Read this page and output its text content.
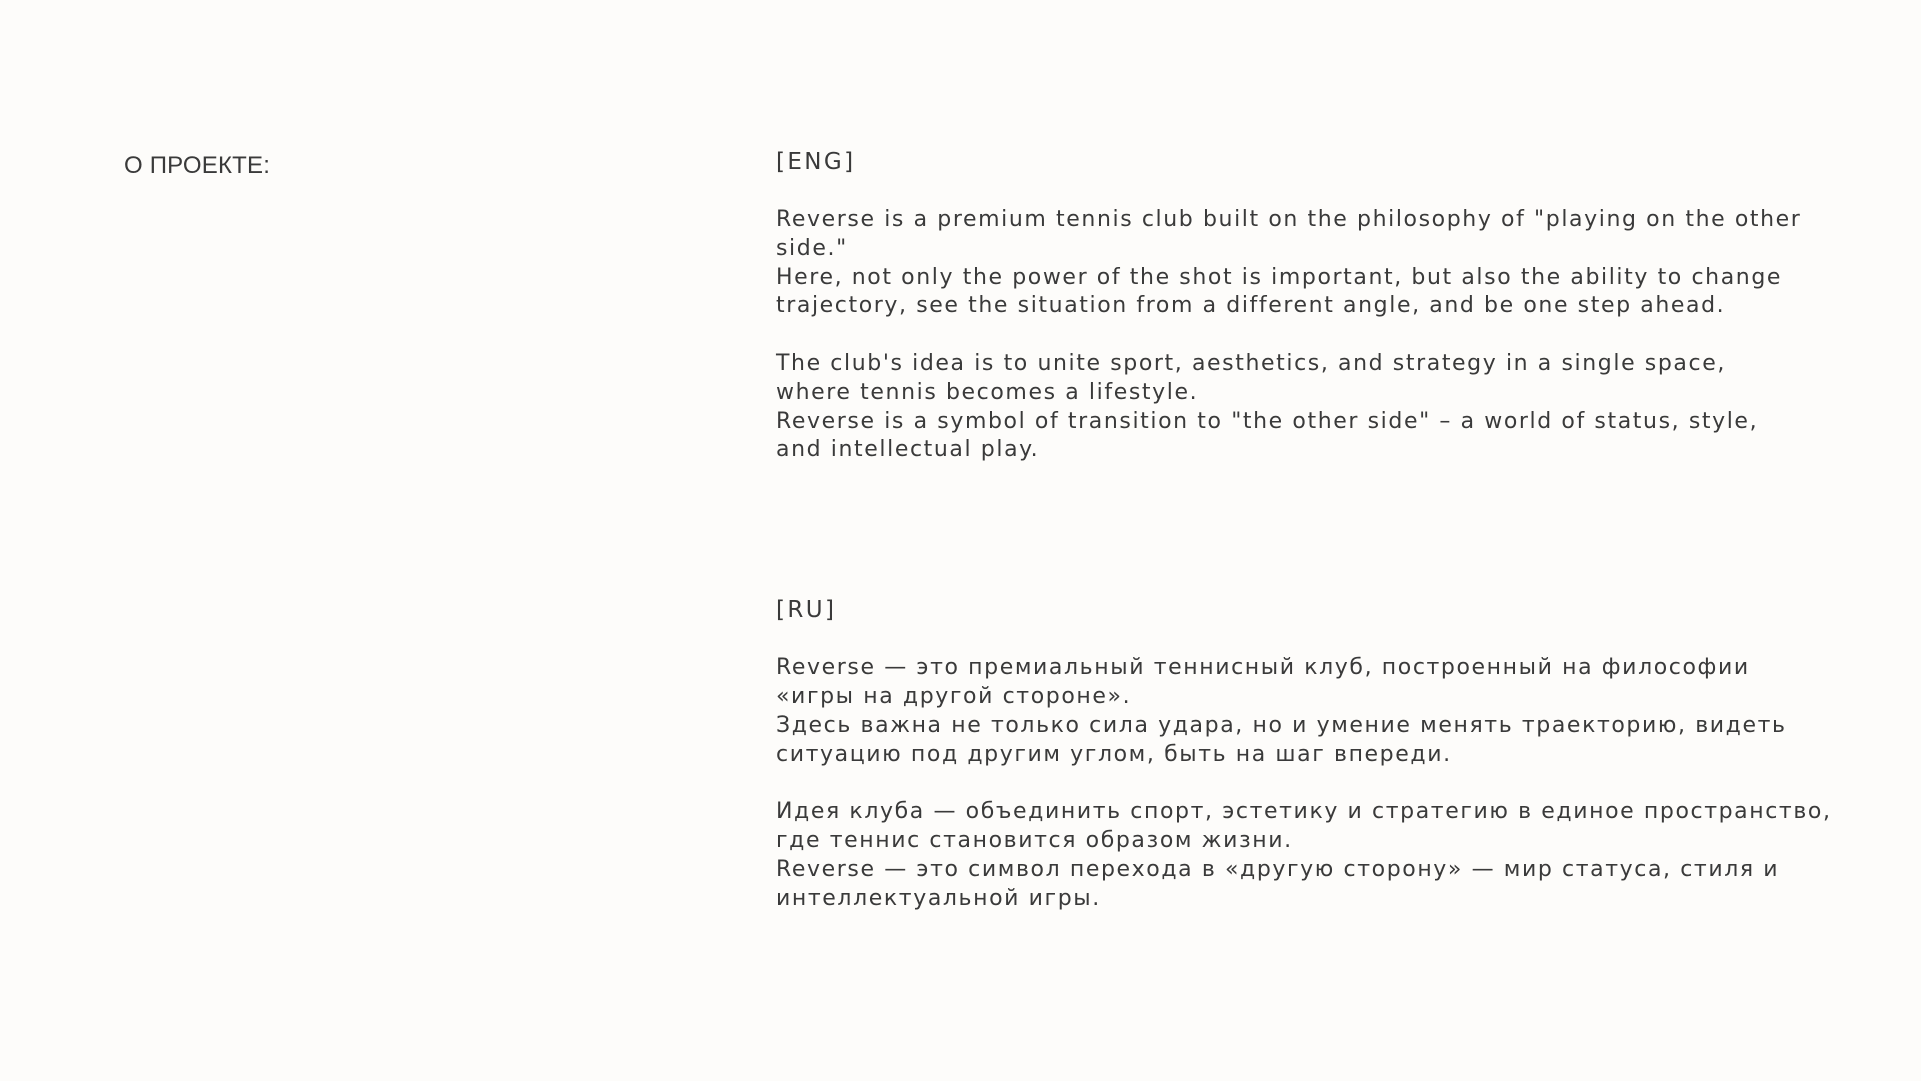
О ПРОЕКТЕ:	[ENG]
Reverse is a premium tennis club built on the philosophy of "playing on the other
side."
Here, not only the power of the shot is important, but also the ability to change
trajectory, see the situation from a different angle, and be one step ahead.
The club's idea is to unite sport, aesthetics, and strategy in a single space,
where tennis becomes a lifestyle.
Reverse is a symbol of transition to "the other side" – a world of status, style,
and intellectual play.
[RU]
Reverse — это премиальный теннисный клуб, построенный на философии
«игры на другой стороне».
Здесь важна не только сила удара, но и умение менять траекторию, видеть
ситуацию под другим углом, быть на шаг впереди.
Идея клуба — объединить спорт, эстетику и стратегию в единое пространство,
где теннис становится образом жизни.
Reverse — это символ перехода в «другую сторону» — мир статуса, стиля и
интеллектуальной игры.
